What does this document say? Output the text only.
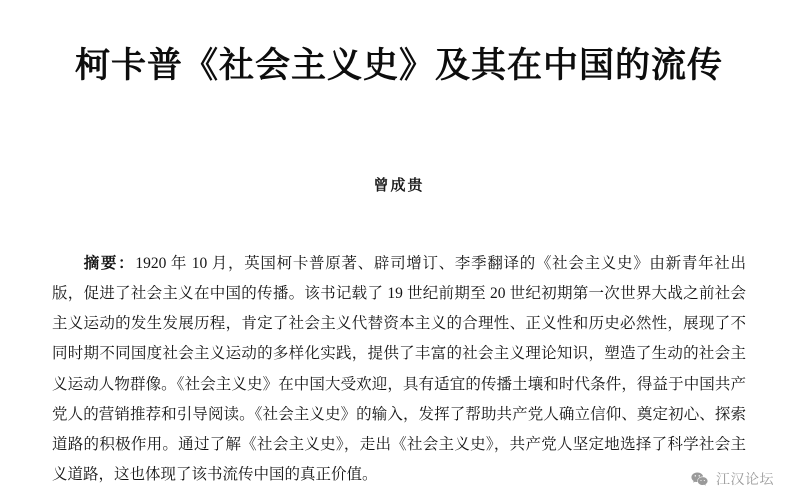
柯卡普《社会主义史》及其在中国的流传
曾成贵

摘要：1920 年 10 月，英国柯卡普原著、辟司增订、李季翻译的《社会主义史》由新青年社出版，促进了社会主义在中国的传播。该书记载了 19 世纪前期至 20 世纪初期第一次世界大战之前社会主义运动的发生发展历程，肯定了社会主义代替资本主义的合理性、正义性和历史必然性，展现了不同时期不同国度社会主义运动的多样化实践，提供了丰富的社会主义理论知识，塑造了生动的社会主义运动人物群像。《社会主义史》在中国大受欢迎，具有适宜的传播土壤和时代条件，得益于中国共产党人的营销推荐和引导阅读。《社会主义史》的输入，发挥了帮助共产党人确立信仰、奠定初心、探索道路的积极作用。通过了解《社会主义史》，走出《社会主义史》，共产党人坚定地选择了科学社会主义道路，这也体现了该书流传中国的真正价值。	江汉论坛
